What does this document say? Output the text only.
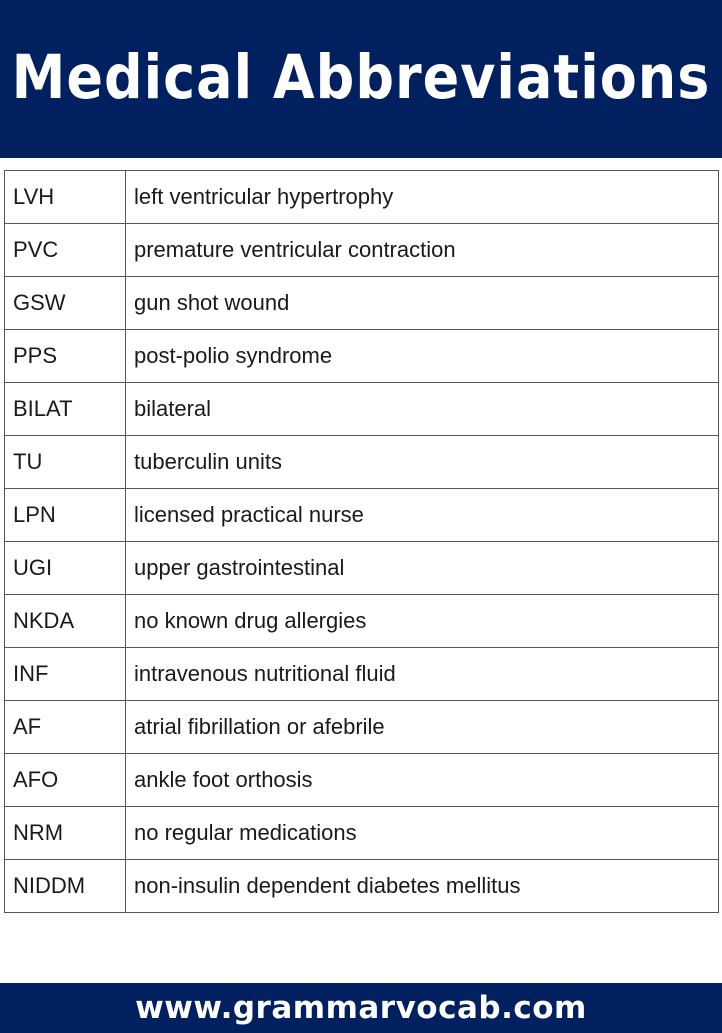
Medical Abbreviations
LVH	left ventricular hypertrophy
PVC	premature ventricular contraction
GSW	gun shot wound
PPS	post-polio syndrome
BILAT	bilateral
TU	tuberculin units
LPN	licensed practical nurse
UGI	upper gastrointestinal
NKDA	no known drug allergies
INF	intravenous nutritional fluid
AF	atrial fibrillation or afebrile
AFO	ankle foot orthosis
NRM	no regular medications
NIDDM	non-insulin dependent diabetes mellitus
www.grammarvocab.com
